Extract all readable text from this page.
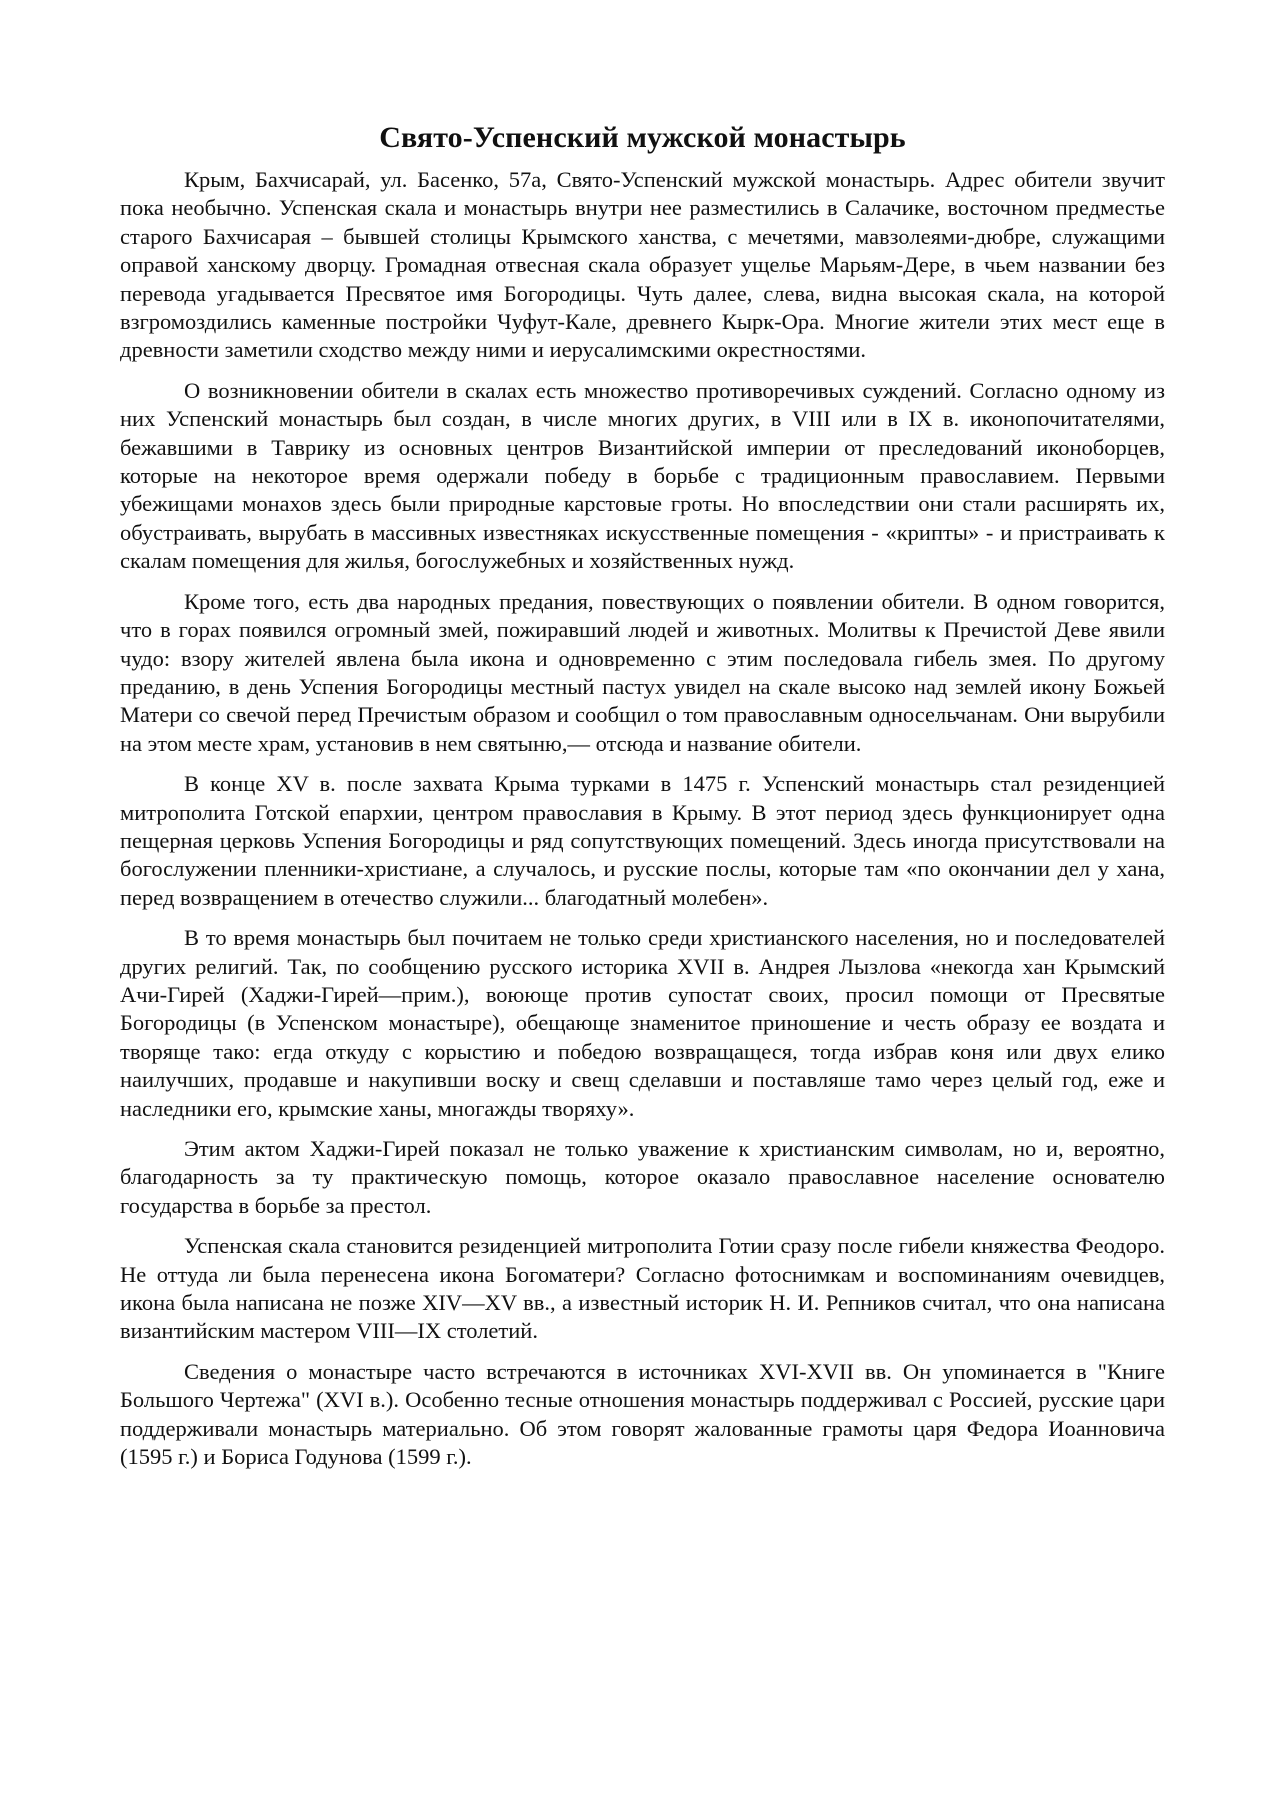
Свято-Успенский мужской монастырь

Крым, Бахчисарай, ул. Басенко, 57а, Свято-Успенский мужской монастырь. Адрес обители звучит пока необычно. Успенская скала и монастырь внутри нее разместились в Салачике, восточном предместье старого Бахчисарая – бывшей столицы Крымского ханства, с мечетями, мавзолеями-дюбре, служащими оправой ханскому дворцу. Громадная отвесная скала образует ущелье Марьям-Дере, в чьем названии без перевода угадывается Пресвятое имя Богородицы. Чуть далее, слева, видна высокая скала, на которой взгромоздились каменные постройки Чуфут-Кале, древнего Кырк-Ора. Многие жители этих мест еще в древности заметили сходство между ними и иерусалимскими окрестностями.

О возникновении обители в скалах есть множество противоречивых суждений. Согласно одному из них Успенский монастырь был создан, в числе многих других, в VIII или в IX в. иконопочитателями, бежавшими в Таврику из основных центров Византийской империи от преследований иконоборцев, которые на некоторое время одержали победу в борьбе с традиционным православием. Первыми убежищами монахов здесь были природные карстовые гроты. Но впоследствии они стали расширять их, обустраивать, вырубать в массивных известняках искусственные помещения - «крипты» - и пристраивать к скалам помещения для жилья, богослужебных и хозяйственных нужд.

Кроме того, есть два народных предания, повествующих о появлении обители. В одном говорится, что в горах появился огромный змей, пожиравший людей и животных. Молитвы к Пречистой Деве явили чудо: взору жителей явлена была икона и одновременно с этим последовала гибель змея. По другому преданию, в день Успения Богородицы местный пастух увидел на скале высоко над землей икону Божьей Матери со свечой перед Пречистым образом и сообщил о том православным односельчанам. Они вырубили на этом месте храм, установив в нем святыню,— отсюда и название обители.

В конце XV в. после захвата Крыма турками в 1475 г. Успенский монастырь стал резиденцией митрополита Готской епархии, центром православия в Крыму. В этот период здесь функционирует одна пещерная церковь Успения Богородицы и ряд сопутствующих помещений. Здесь иногда присутствовали на богослужении пленники-христиане, а случалось, и русские послы, которые там «по окончании дел у хана, перед возвращением в отечество служили... благодатный молебен».

В то время монастырь был почитаем не только среди христианского населения, но и последователей других религий. Так, по сообщению русского историка XVII в. Андрея Лызлова «некогда хан Крымский Ачи-Гирей (Хаджи-Гирей—прим.), воююще против супостат своих, просил помощи от Пресвятые Богородицы (в Успенском монастыре), обещающе знаменитое приношение и честь образу ее воздата и творяще тако: егда откуду с корыстию и победою возвращащеся, тогда избрав коня или двух елико наилучших, продавше и накупивши воску и свещ сделавши и поставляше тамо через целый год, еже и наследники его, крымские ханы, многажды творяху».

Этим актом Хаджи-Гирей показал не только уважение к христианским символам, но и, вероятно, благодарность за ту практическую помощь, которое оказало православное население основателю государства в борьбе за престол.

Успенская скала становится резиденцией митрополита Готии сразу после гибели княжества Феодоро. Не оттуда ли была перенесена икона Богоматери? Согласно фотоснимкам и воспоминаниям очевидцев, икона была написана не позже XIV—XV вв., а известный историк Н. И. Репников считал, что она написана византийским мастером VIII—IX столетий.

Сведения о монастыре часто встречаются в источниках XVI-XVII вв. Он упоминается в "Книге Большого Чертежа" (XVI в.). Особенно тесные отношения монастырь поддерживал с Россией, русские цари поддерживали монастырь материально. Об этом говорят жалованные грамоты царя Федора Иоанновича (1595 г.) и Бориса Годунова (1599 г.).
